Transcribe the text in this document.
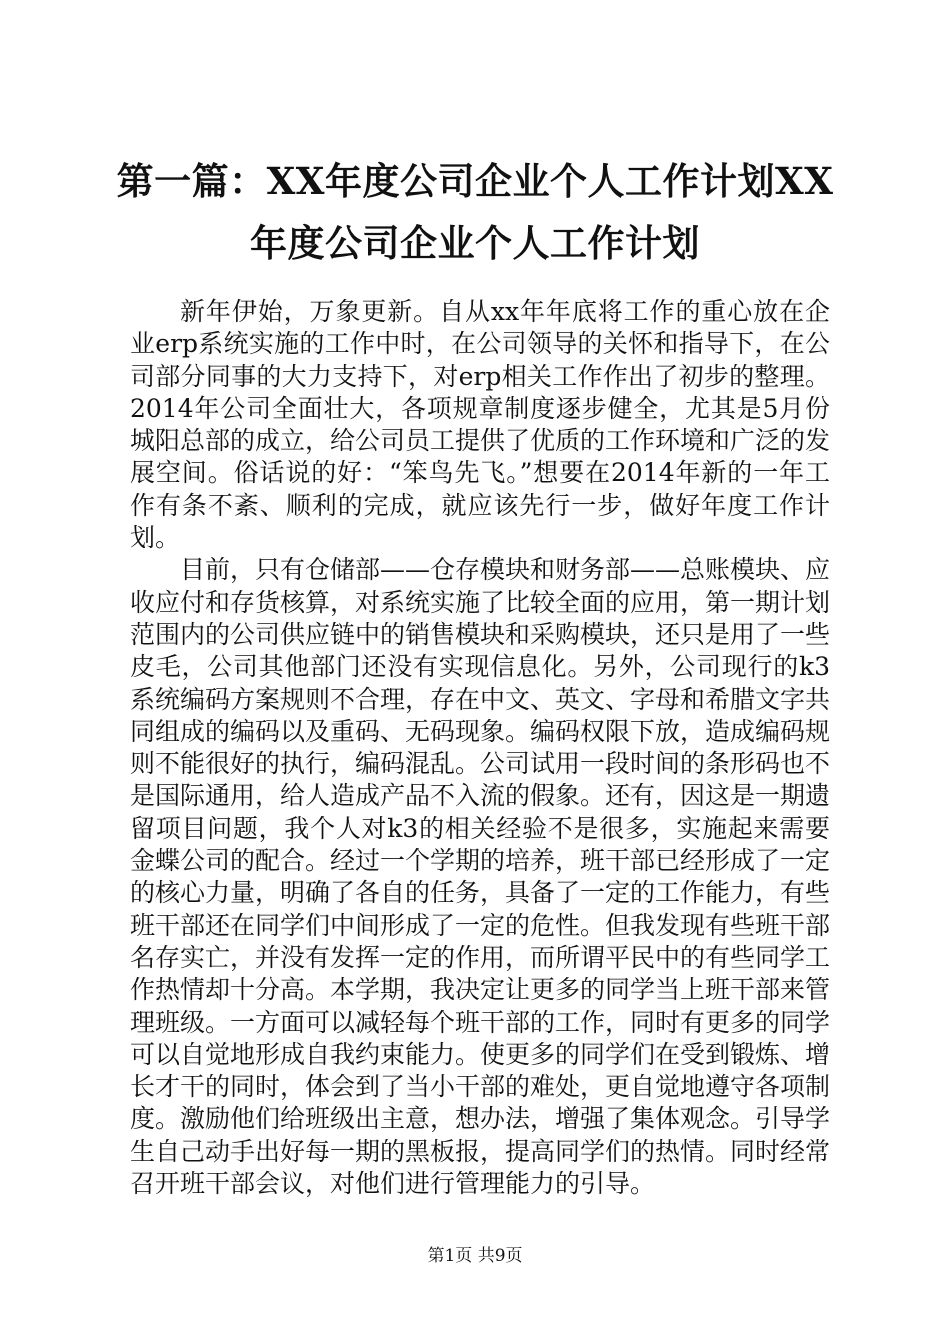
第一篇：XX年度公司企业个人工作计划XX年度公司企业个人工作计划

新年伊始，万象更新。自从xx年年底将工作的重心放在企业erp系统实施的工作中时，在公司领导的关怀和指导下，在公司部分同事的大力支持下，对erp相关工作作出了初步的整理。2014年公司全面壮大，各项规章制度逐步健全，尤其是5月份城阳总部的成立，给公司员工提供了优质的工作环境和广泛的发展空间。俗话说的好：“笨鸟先飞。”想要在2014年新的一年工作有条不紊、顺利的完成，就应该先行一步，做好年度工作计划。

目前，只有仓储部——仓存模块和财务部——总账模块、应收应付和存货核算，对系统实施了比较全面的应用，第一期计划范围内的公司供应链中的销售模块和采购模块，还只是用了一些皮毛，公司其他部门还没有实现信息化。另外，公司现行的k3系统编码方案规则不合理，存在中文、英文、字母和希腊文字共同组成的编码以及重码、无码现象。编码权限下放，造成编码规则不能很好的执行，编码混乱。公司试用一段时间的条形码也不是国际通用，给人造成产品不入流的假象。还有，因这是一期遗留项目问题，我个人对k3的相关经验不是很多，实施起来需要金蝶公司的配合。经过一个学期的培养，班干部已经形成了一定的核心力量，明确了各自的任务，具备了一定的工作能力，有些班干部还在同学们中间形成了一定的危性。但我发现有些班干部名存实亡，并没有发挥一定的作用，而所谓平民中的有些同学工作热情却十分高。本学期，我决定让更多的同学当上班干部来管理班级。一方面可以减轻每个班干部的工作，同时有更多的同学可以自觉地形成自我约束能力。使更多的同学们在受到锻炼、增长才干的同时，体会到了当小干部的难处，更自觉地遵守各项制度。激励他们给班级出主意，想办法，增强了集体观念。引导学生自己动手出好每一期的黑板报，提高同学们的热情。同时经常召开班干部会议，对他们进行管理能力的引导。

第1页 共9页
